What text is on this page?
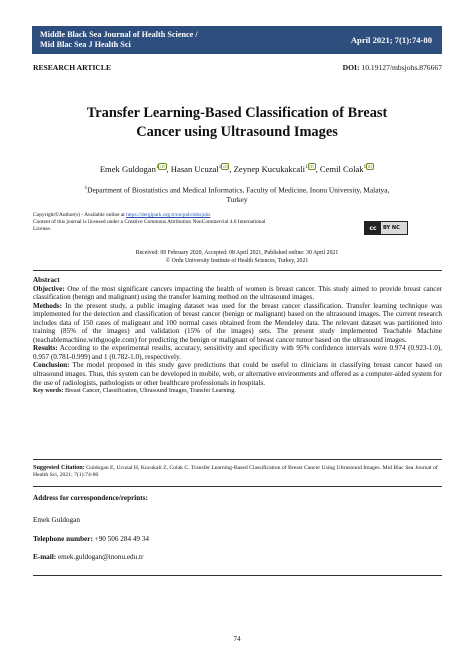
Middle Black Sea Journal of Health Science /
Mid Blac Sea J Health Sci	April 2021; 7(1):74-80
RESEARCH ARTICLE	DOI: 10.19127/mbsjohs.876667
Transfer Learning-Based Classification of Breast
Cancer using Ultrasound Images
Emek Guldogan$^1$ iD , Hasan Ucuzal$^1$ iD , Zeynep Kucukakcali$^1$ iD , Cemil Colak$^1$ iD
$^1$Department of Biostatistics and Medical Informatics, Faculty of Medicine, Inonu University, Malatya,
Turkey
Copyright©Author(s) - Available online at https://dergipark.org.tr/en/pub/mbsjohs
Content of this journal is licensed under a Creative Commons Attribution NonCommercial 4.0 International
License.	cc	BY NC
Received: 09 February 2020, Accepted: 08 April 2021, Published online: 30 April 2021
© Ordu University Institute of Health Sciences, Turkey, 2021

Abstract

Objective: One of the most significant cancers impacting the health of women is breast cancer. This study aimed to provide breast cancer classification (benign and malignant) using the transfer learning method on the ultrasound images.

Methods: In the present study, a public imaging dataset was used for the breast cancer classification. Transfer learning technique was implemented for the detection and classification of breast cancer (benign or malignant) based on the ultrasound images. The current research includes data of 150 cases of malignant and 100 normal cases obtained from the Mendeley data. The relevant dataset was partitioned into training (85% of the images) and validation (15% of the images) sets. The present study implemented Teachable Machine (teachablemachine.withgoogle.com) for predicting the benign or malignant of breast cancer tumor based on the ultrasound images.

Results: According to the experimental results, accuracy, sensitivity and specificity with 95% confidence intervals were 0.974 (0.923-1.0), 0.957 (0.781-0.999) and 1 (0.782-1.0), respectively.

Conclusion: The model proposed in this study gave predictions that could be useful to clinicians in classifying breast cancer based on ultrasound images. Thus, this system can be developed in mobile, web, or alternative environments and offered as a computer-aided system for the use of radiologists, pathologists or other healthcare professionals in hospitals.

Key words: Breast Cancer, Classification, Ultrasound Images, Transfer Learning.

Suggested Citation: Guldogan E, Ucuzal H, Kucukali Z, Colak C. Transfer Learning-Based Classification of Breast Cancer Using Ultrasound Images. Mid Blac Sea Journal of Health Sci, 2021; 7(1):74-80
Address for correspondence/reprints:
Emek Guldogan
Telephone number: +90 506 284 49 34
E-mail: emek.guldogan@inonu.edu.tr
74
